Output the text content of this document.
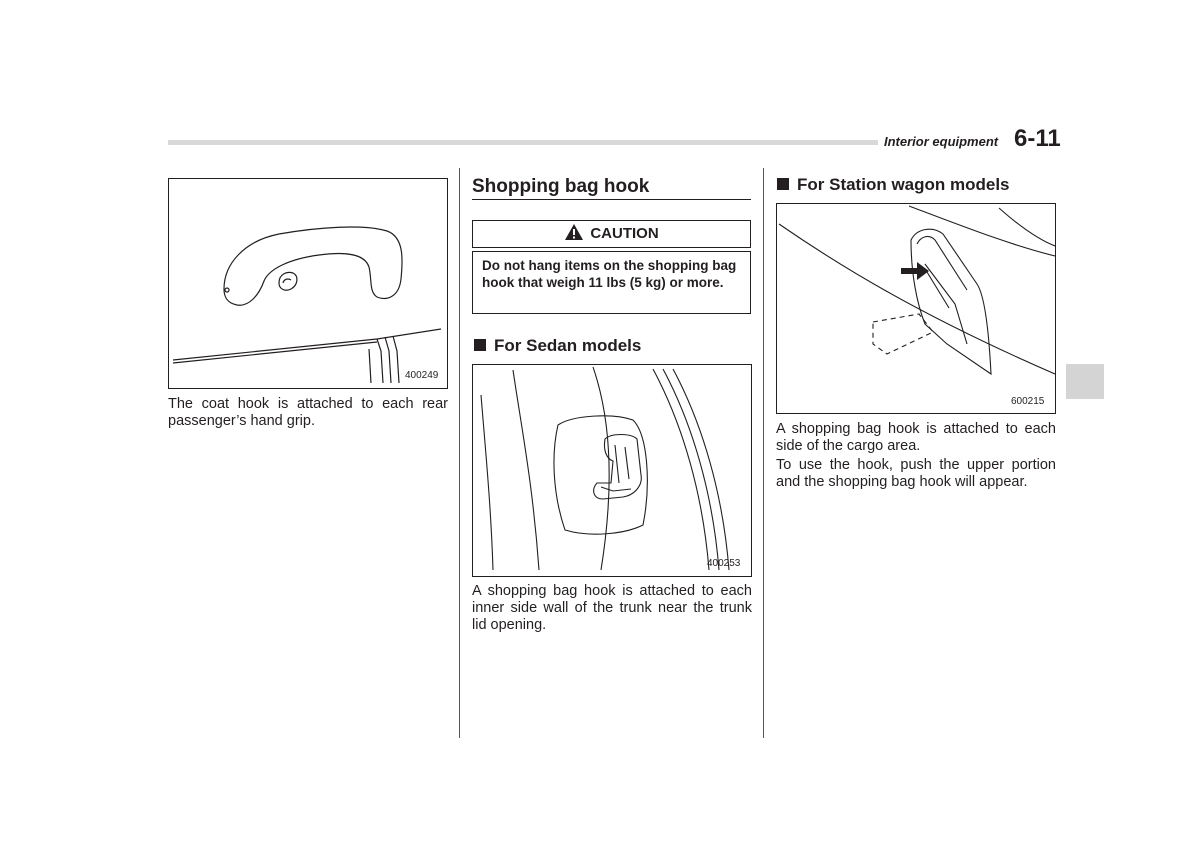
Interior equipment 6-11
400249
The coat hook is attached to each rear passenger’s hand grip.
Shopping bag hook
CAUTION
Do not hang items on the shopping bag hook that weigh 11 lbs (5 kg) or more.
For Sedan models
400253
A shopping bag hook is attached to each inner side wall of the trunk near the trunk lid opening.
For Station wagon models
600215
A shopping bag hook is attached to each side of the cargo area.
To use the hook, push the upper portion and the shopping bag hook will appear.
